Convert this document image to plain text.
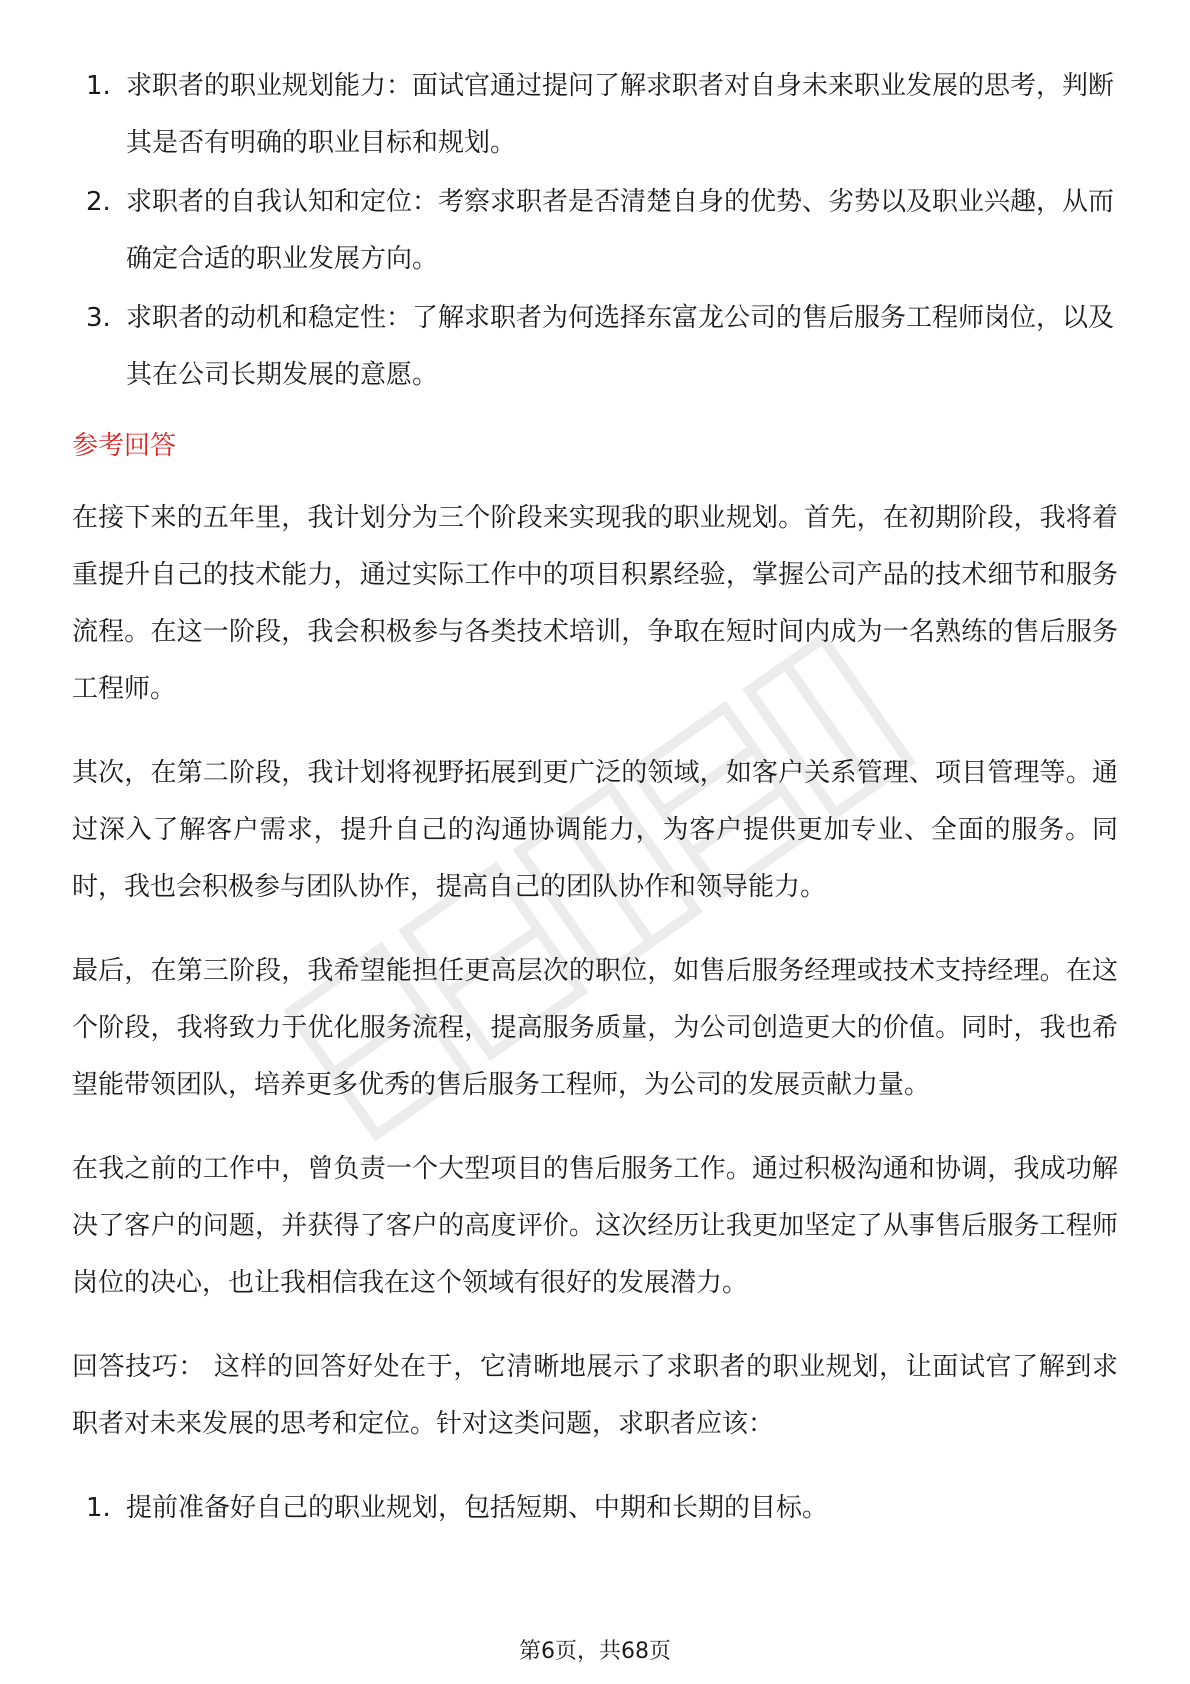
1. 求职者的职业规划能力：面试官通过提问了解求职者对自身未来职业发展的思考，判断其是否有明确的职业目标和规划。
2. 求职者的自我认知和定位：考察求职者是否清楚自身的优势、劣势以及职业兴趣，从而确定合适的职业发展方向。
3. 求职者的动机和稳定性：了解求职者为何选择东富龙公司的售后服务工程师岗位，以及其在公司长期发展的意愿。
参考回答

在接下来的五年里，我计划分为三个阶段来实现我的职业规划。首先，在初期阶段，我将着重提升自己的技术能力，通过实际工作中的项目积累经验，掌握公司产品的技术细节和服务流程。在这一阶段，我会积极参与各类技术培训，争取在短时间内成为一名熟练的售后服务工程师。

其次，在第二阶段，我计划将视野拓展到更广泛的领域，如客户关系管理、项目管理等。通过深入了解客户需求，提升自己的沟通协调能力，为客户提供更加专业、全面的服务。同时，我也会积极参与团队协作，提高自己的团队协作和领导能力。

最后，在第三阶段，我希望能担任更高层次的职位，如售后服务经理或技术支持经理。在这个阶段，我将致力于优化服务流程，提高服务质量，为公司创造更大的价值。同时，我也希望能带领团队，培养更多优秀的售后服务工程师，为公司的发展贡献力量。

在我之前的工作中，曾负责一个大型项目的售后服务工作。通过积极沟通和协调，我成功解决了客户的问题，并获得了客户的高度评价。这次经历让我更加坚定了从事售后服务工程师岗位的决心，也让我相信我在这个领域有很好的发展潜力。

回答技巧： 这样的回答好处在于，它清晰地展示了求职者的职业规划，让面试官了解到求职者对未来发展的思考和定位。针对这类问题，求职者应该：

1. 提前准备好自己的职业规划，包括短期、中期和长期的目标。
第6页，共68页
